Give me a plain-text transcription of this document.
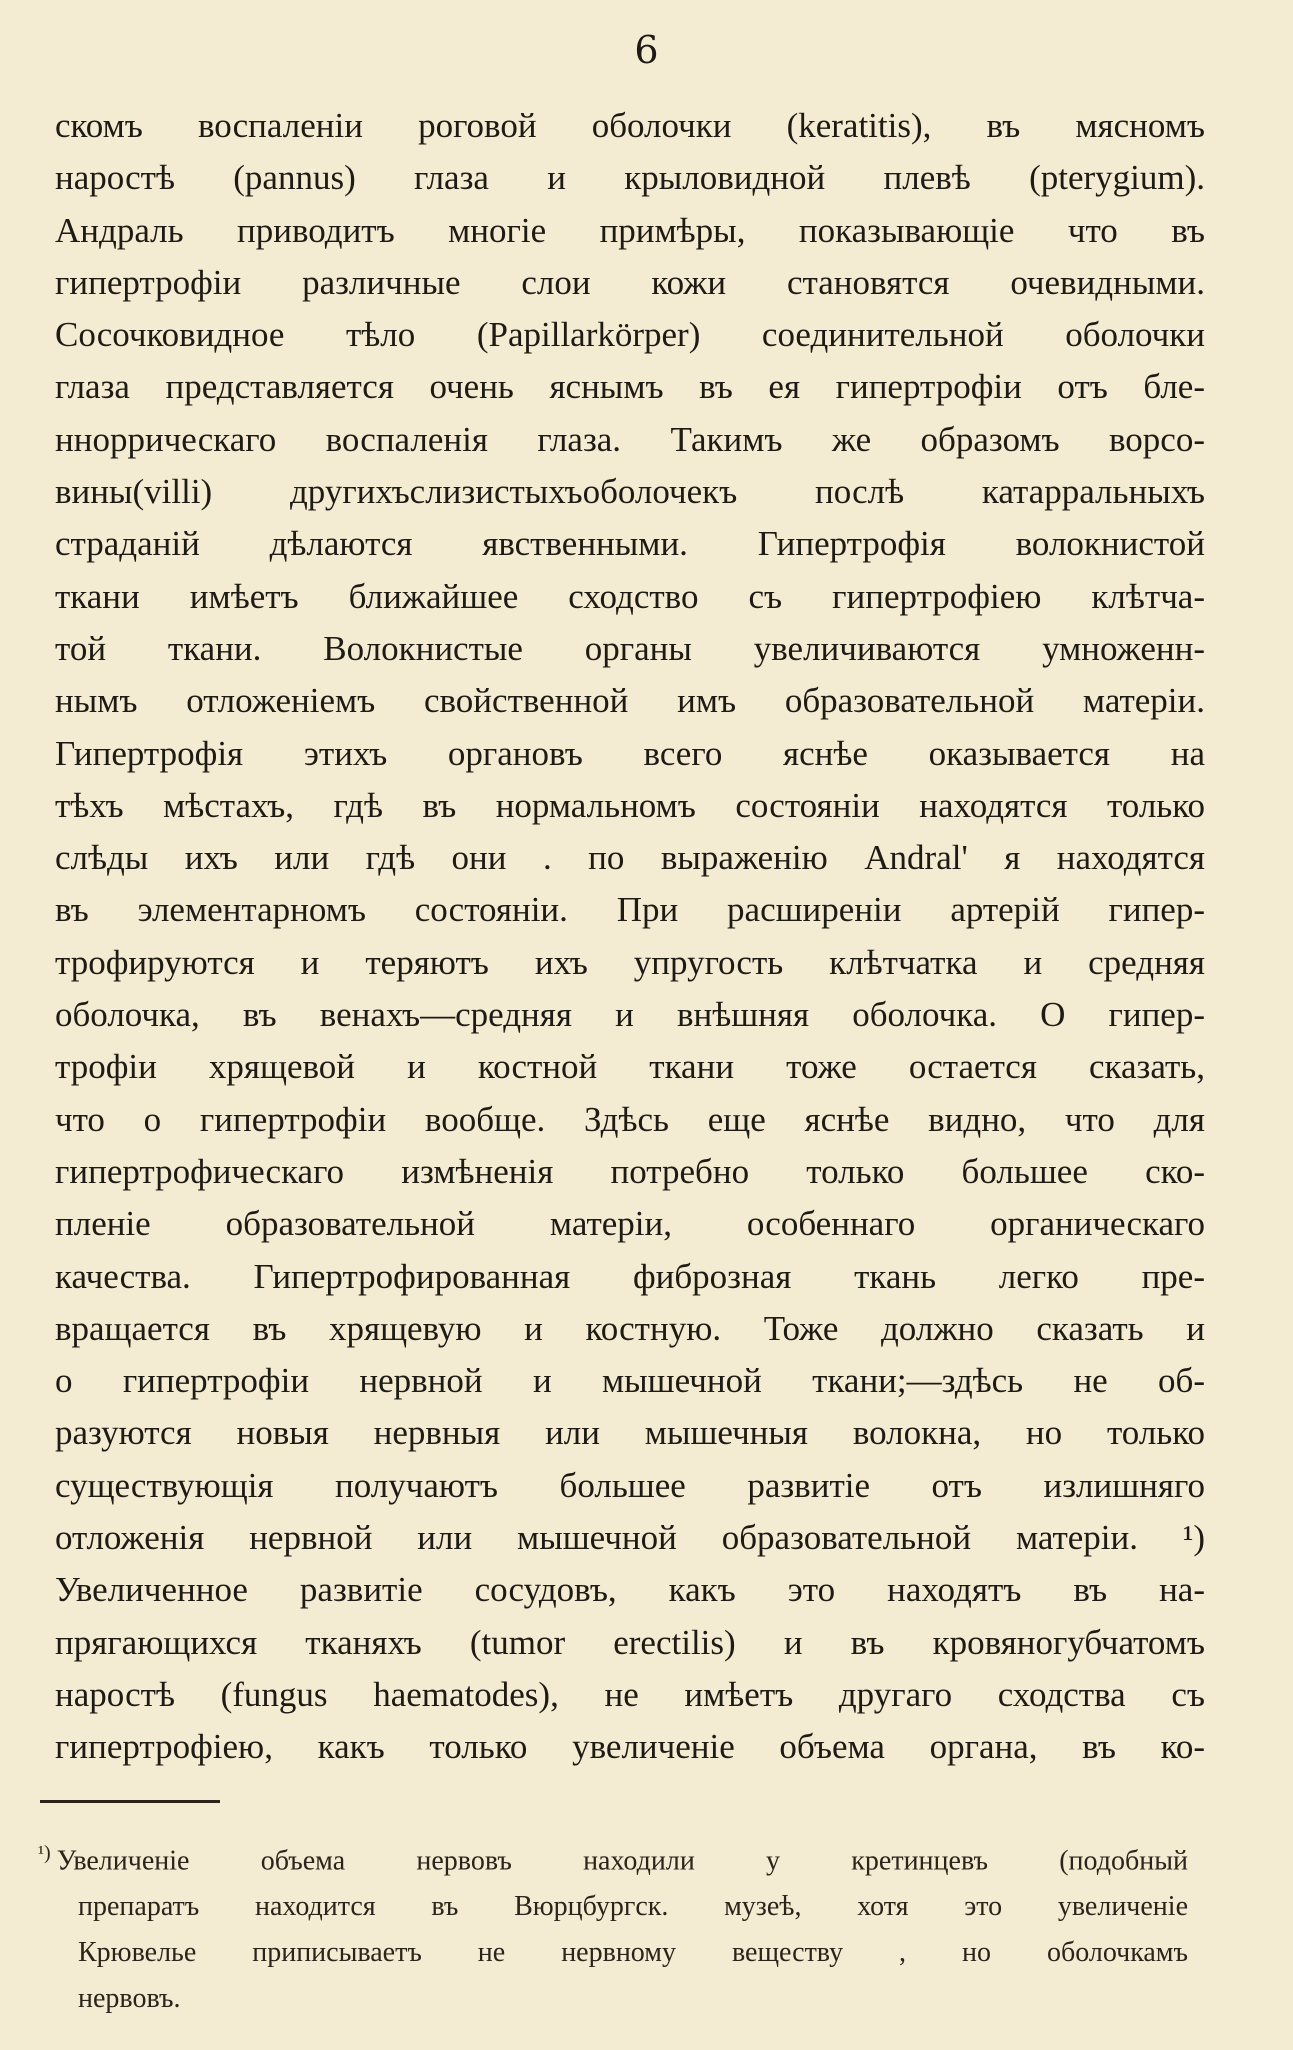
6
скомъ воспаленіи роговой оболочки (keratitis), въ мясномъ
наростѣ (pannus) глаза и крыловидной плевѣ (pterygium).
Андраль приводитъ многіе примѣры, показывающіе что въ
гипертрофіи различные слои кожи становятся очевидными.
Сосочковидное тѣло (Papillarkörper) соединительной оболочки
глаза представляется очень яснымъ въ ея гипертрофіи отъ бле-
нноррическаго воспаленія глаза. Такимъ же образомъ ворсо-
вины(villi) другихъслизистыхъоболочекъ послѣ катарральныхъ
страданій дѣлаются явственными. Гипертрофія волокнистой
ткани имѣетъ ближайшее сходство съ гипертрофіею клѣтча-
той ткани. Волокнистые органы увеличиваются умноженн-
нымъ отложеніемъ свойственной имъ образовательной матеріи.
Гипертрофія этихъ органовъ всего яснѣе оказывается на
тѣхъ мѣстахъ, гдѣ въ нормальномъ состояніи находятся только
слѣды ихъ или гдѣ они . по выраженію Andral' я находятся
въ элементарномъ состояніи. При расширеніи артерій гипер-
трофируются и теряютъ ихъ упругость клѣтчатка и средняя
оболочка, въ венахъ—средняя и внѣшняя оболочка. О гипер-
трофіи хрящевой и костной ткани тоже остается сказать,
что о гипертрофіи вообще. Здѣсь еще яснѣе видно, что для
гипертрофическаго измѣненія потребно только большее ско-
пленіе образовательной матеріи, особеннаго органическаго
качества. Гипертрофированная фиброзная ткань легко пре-
вращается въ хрящевую и костную. Тоже должно сказать и
о гипертрофіи нервной и мышечной ткани;—здѣсь не об-
разуются новыя нервныя или мышечныя волокна, но только
существующія получаютъ большее развитіе отъ излишняго
отложенія нервной или мышечной образовательной матеріи. ¹)
Увеличенное развитіе сосудовъ, какъ это находятъ въ на-
прягающихся тканяхъ (tumor erectilis) и въ кровяногубчатомъ
наростѣ (fungus haematodes), не имѣетъ другаго сходства съ
гипертрофіею, какъ только увеличеніе объема органа, въ ко-
$^{^1)}$ Увеличеніе объема нервовъ находили у кретинцевъ (подобный
препаратъ находится въ Вюрцбургск. музеѣ, хотя это увеличеніе
Крювелье приписываетъ не нервному веществу , но оболочкамъ
нервовъ.
